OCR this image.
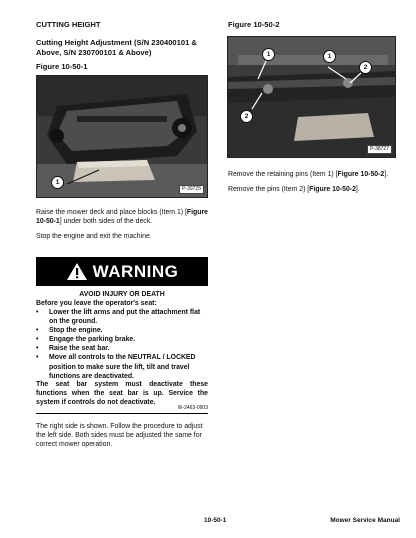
CUTTING HEIGHT
Cutting Height Adjustment (S/N 230400101 & Above, S/N 230700101 & Above)
Figure 10-50-1
1
P-39725
Raise the mower deck and place blocks (Item 1) [Figure 10-50-1] under both sides of the deck.
Stop the engine and exit the machine.
WARNING
AVOID INJURY OR DEATH
Before you leave the operator's seat:
• Lower the lift arms and put the attachment flat on the ground.
• Stop the engine.
• Engage the parking brake.
• Raise the seat bar.
• Move all controls to the NEUTRAL / LOCKED position to make sure the lift, tilt and travel functions are deactivated.
The seat bar system must deactivate these functions when the seat bar is up. Service the system if controls do not deactivate.
W-2463-0903
The right side is shown. Follow the procedure to adjust the left side. Both sides must be adjusted the same for correct mower operation.
Figure 10-50-2
1	1
2
2
P-38727
Remove the retaining pins (Item 1) [Figure 10-50-2].
Remove the pins (Item 2) [Figure 10-50-2].
10-50-1	Mower Service Manual
